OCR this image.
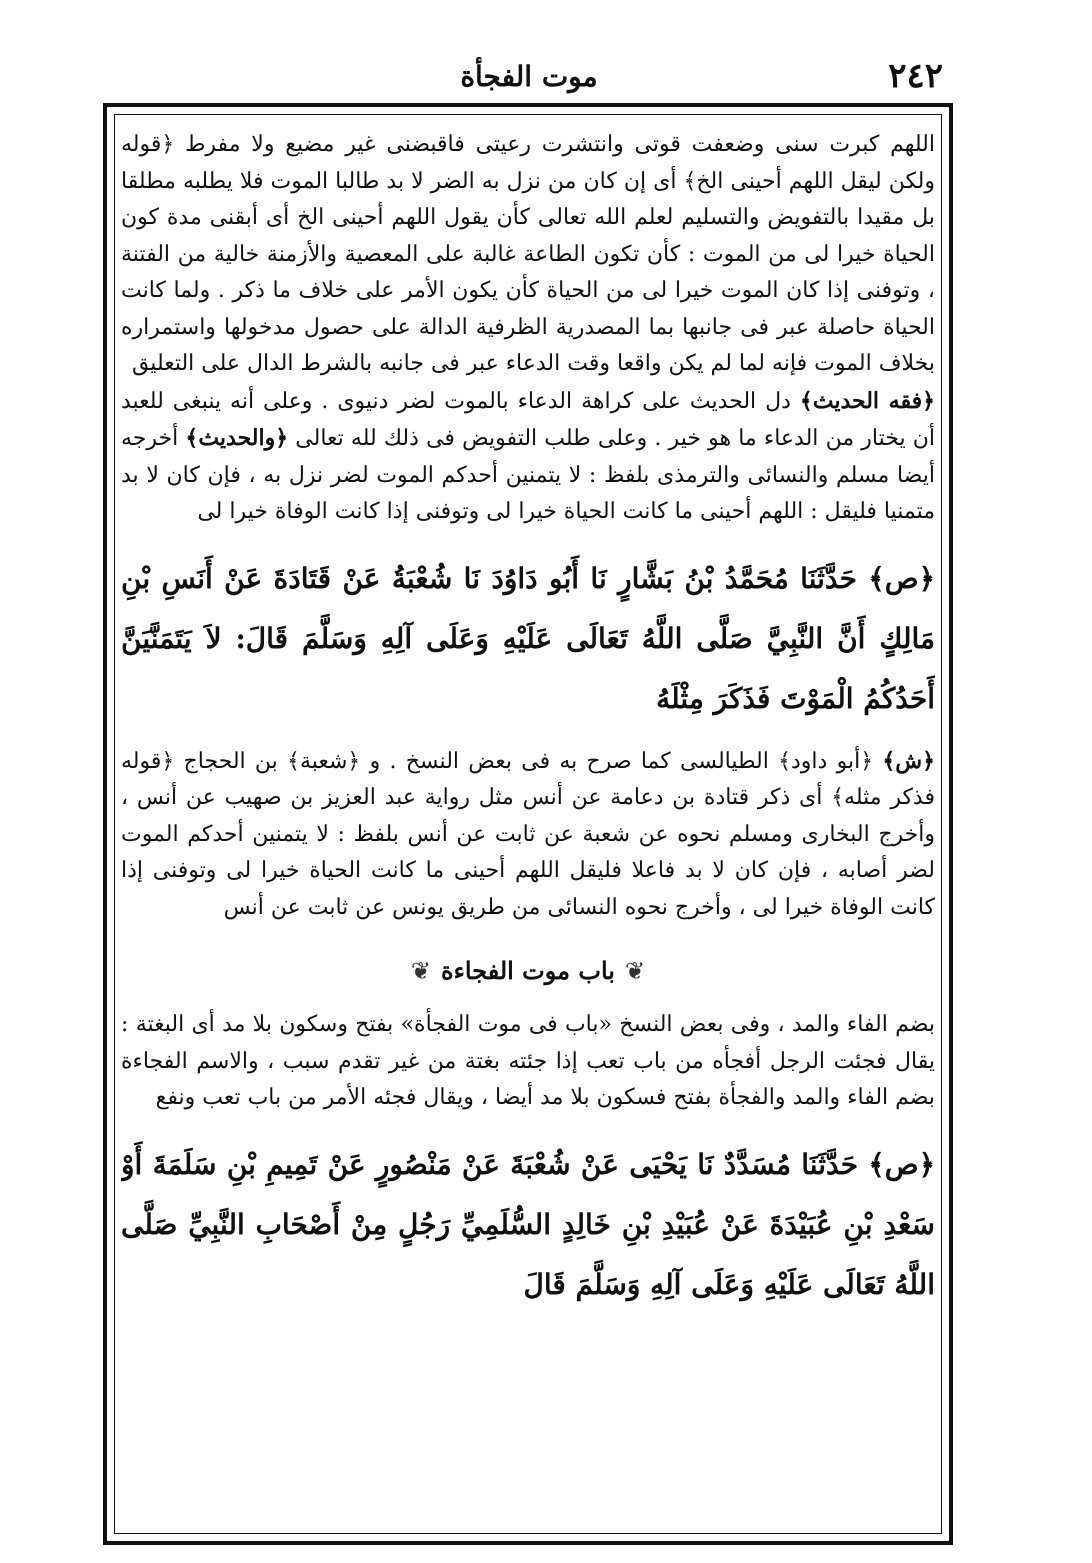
٢٤٢
موت الفجأة

اللهم كبرت سنى وضعفت قوتى وانتشرت رعيتى فاقبضنى غير مضيع ولا مفرط ﴿قوله ولكن ليقل اللهم أحينى الخ﴾ أى إن كان من نزل به الضر لا بد طالبا الموت فلا يطلبه مطلقا بل مقيدا بالتفويض والتسليم لعلم الله تعالى كأن يقول اللهم أحينى الخ أى أبقنى مدة كون الحياة خيرا لى من الموت : كأن تكون الطاعة غالبة على المعصية والأزمنة خالية من الفتنة ، وتوفنى إذا كان الموت خيرا لى من الحياة كأن يكون الأمر على خلاف ما ذكر . ولما كانت الحياة حاصلة عبر فى جانبها بما المصدرية الظرفية الدالة على حصول مدخولها واستمراره بخلاف الموت فإنه لما لم يكن واقعا وقت الدعاء عبر فى جانبه بالشرط الدال على التعليق

﴿فقه الحديث﴾ دل الحديث على كراهة الدعاء بالموت لضر دنيوى . وعلى أنه ينبغى للعبد أن يختار من الدعاء ما هو خير . وعلى طلب التفويض فى ذلك لله تعالى ﴿والحديث﴾ أخرجه أيضا مسلم والنسائى والترمذى بلفظ : لا يتمنين أحدكم الموت لضر نزل به ، فإن كان لا بد متمنيا فليقل : اللهم أحينى ما كانت الحياة خيرا لى وتوفنى إذا كانت الوفاة خيرا لى

﴿ص﴾ حَدَّثَنَا مُحَمَّدُ بْنُ بَشَّارٍ نَا أَبُو دَاوُدَ نَا شُعْبَةُ عَنْ قَتَادَةَ عَنْ أَنَسِ بْنِ مَالِكٍ أَنَّ النَّبِيَّ صَلَّى اللَّهُ تَعَالَى عَلَيْهِ وَعَلَى آلِهِ وَسَلَّمَ قَالَ: لاَ يَتَمَنَّيَنَّ أَحَدُكُمُ الْمَوْتَ فَذَكَرَ مِثْلَهُ

﴿ش﴾ ﴿أبو داود﴾ الطيالسى كما صرح به فى بعض النسخ . و ﴿شعبة﴾ بن الحجاج ﴿قوله فذكر مثله﴾ أى ذكر قتادة بن دعامة عن أنس مثل رواية عبد العزيز بن صهيب عن أنس ، وأخرج البخارى ومسلم نحوه عن شعبة عن ثابت عن أنس بلفظ : لا يتمنين أحدكم الموت لضر أصابه ، فإن كان لا بد فاعلا فليقل اللهم أحينى ما كانت الحياة خيرا لى وتوفنى إذا كانت الوفاة خيرا لى ، وأخرج نحوه النسائى من طريق يونس عن ثابت عن أنس

❦باب موت الفجاءة❦

بضم الفاء والمد ، وفى بعض النسخ «باب فى موت الفجأة» بفتح وسكون بلا مد أى البغتة : يقال فجئت الرجل أفجأه من باب تعب إذا جئته بغتة من غير تقدم سبب ، والاسم الفجاءة بضم الفاء والمد والفجأة بفتح فسكون بلا مد أيضا ، ويقال فجئه الأمر من باب تعب ونفع

﴿ص﴾ حَدَّثَنَا مُسَدَّدٌ نَا يَحْيَى عَنْ شُعْبَةَ عَنْ مَنْصُورٍ عَنْ تَمِيمِ بْنِ سَلَمَةَ أَوْ سَعْدِ بْنِ عُبَيْدَةَ عَنْ عُبَيْدِ بْنِ خَالِدٍ السُّلَمِيِّ رَجُلٍ مِنْ أَصْحَابِ النَّبِيِّ صَلَّى اللَّهُ تَعَالَى عَلَيْهِ وَعَلَى آلِهِ وَسَلَّمَ قَالَ
